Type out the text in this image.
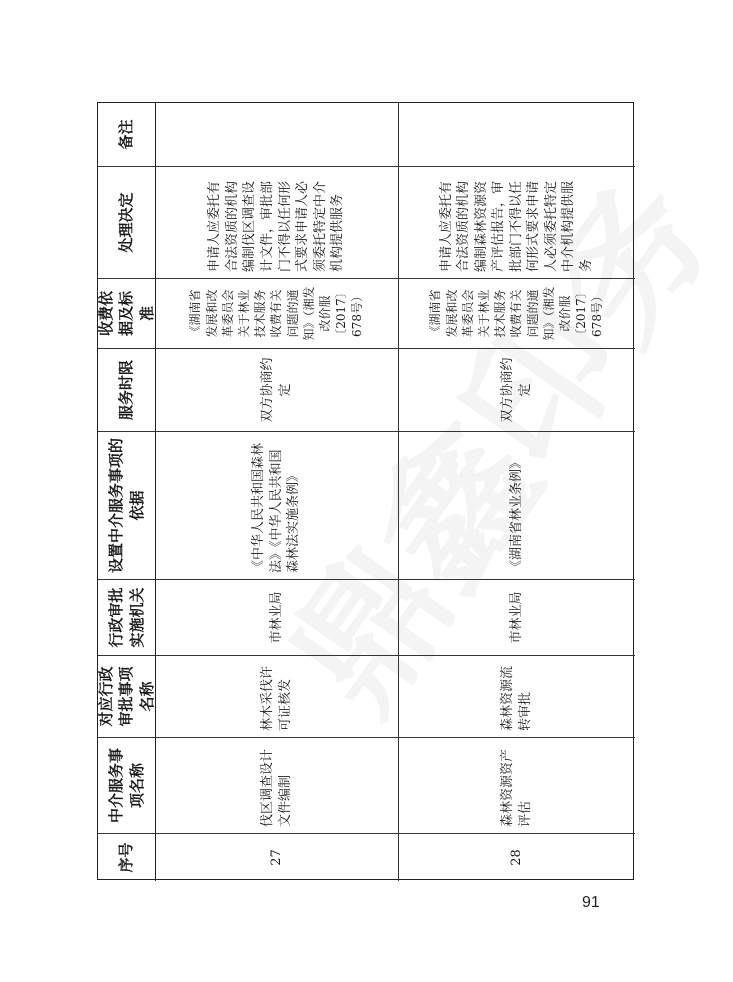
序号
中介服务事项名称
对应行政审批事项名称
行政审批实施机关
设置中介服务事项的依据
服务时限
收费依据及标准
处理决定
备注
27
伐区调查设计文件编制
林木采伐许可证核发
市林业局
《中华人民共和国森林法》《中华人民共和国森林法实施条例》
双方协商约定
《湖南省发展和改革委员会关于林业技术服务收费有关问题的通知》（湘发改价服〔2017〕678号）
申请人应委托有合法资质的机构编制伐区调查设计文件，审批部门不得以任何形式要求申请人必须委托特定中介机构提供服务
28
森林资源资产评估
森林资源流转审批
市林业局
《湖南省林业条例》
双方协商约定
《湖南省发展和改革委员会关于林业技术服务收费有关问题的通知》（湘发改价服〔2017〕678号）
申请人应委托有合法资质的机构编制森林资源资产评估报告，审批部门不得以任何形式要求申请人必须委托特定中介机构提供服务
91
